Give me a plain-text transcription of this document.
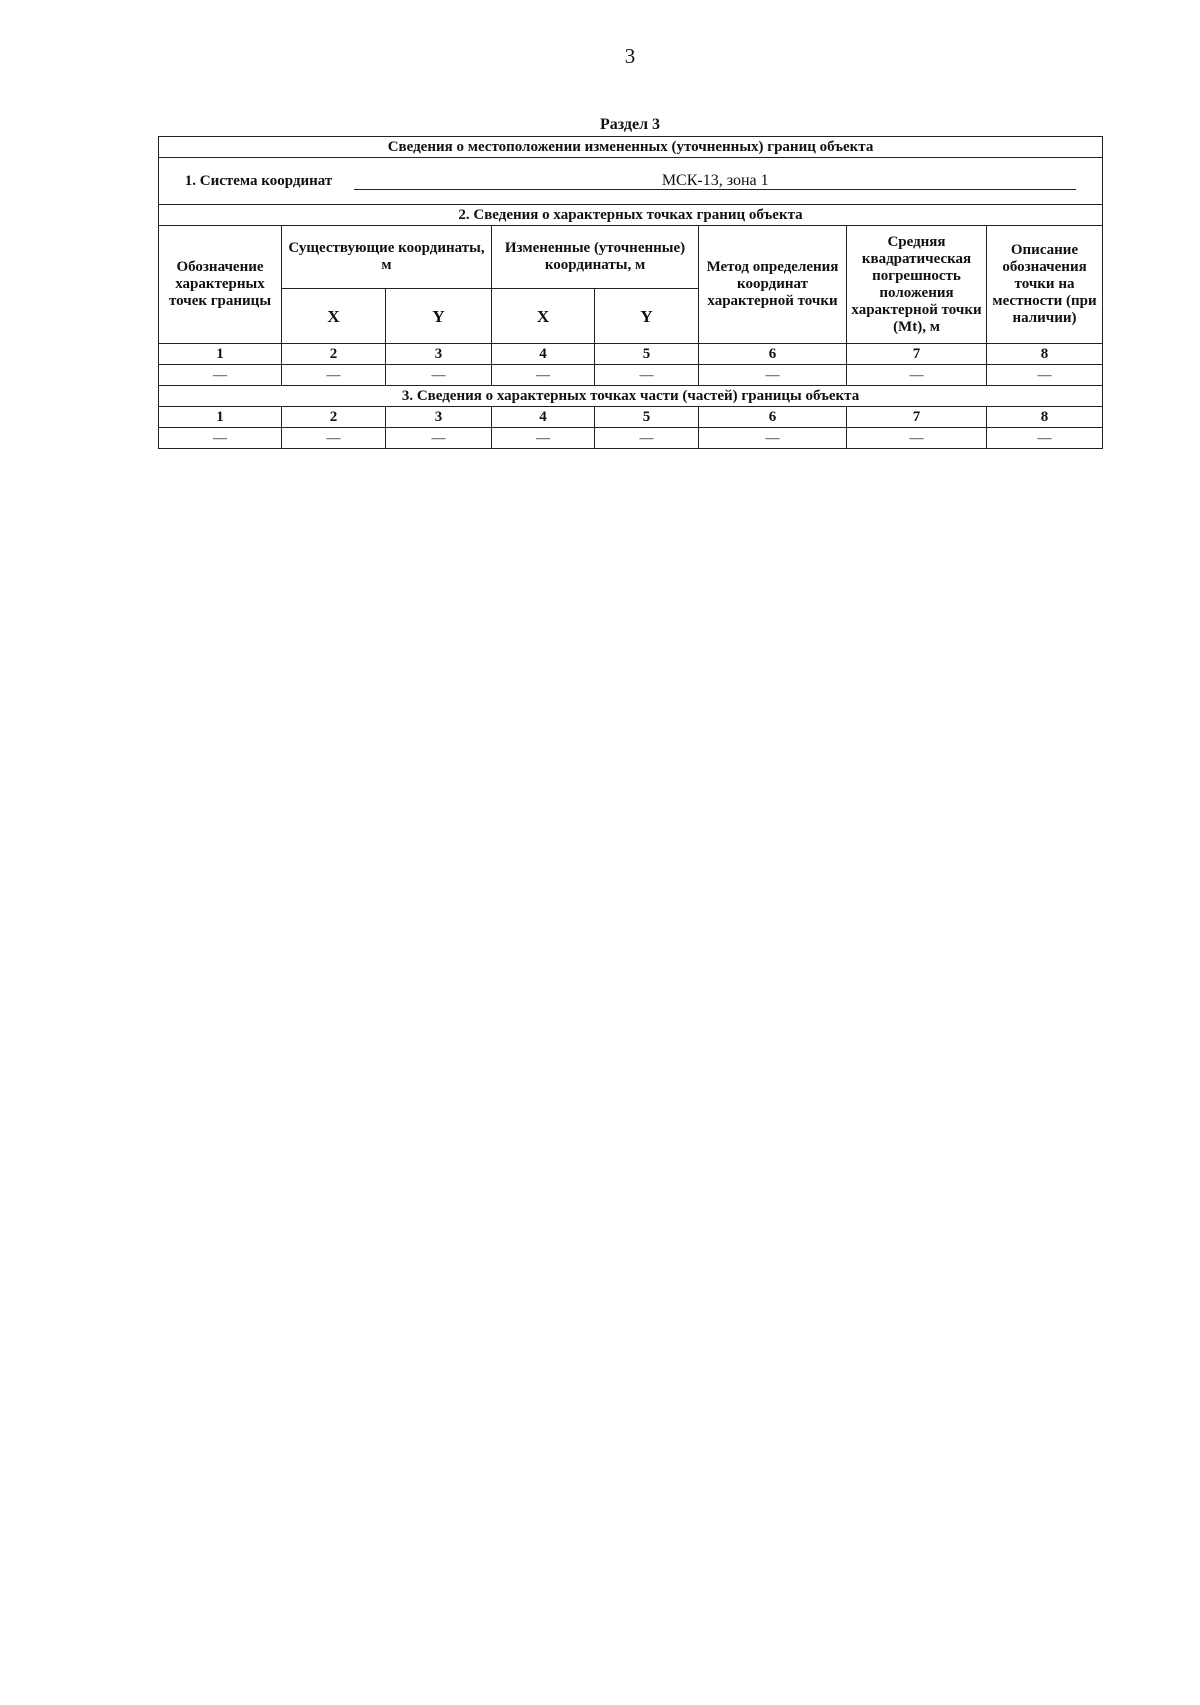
3
Раздел 3
Сведения о местоположении измененных (уточненных) границ объекта							
1. Система координат МСК-13, зона 1							
2. Сведения о характерных точках границ объекта							
Обозначение характерных точек границы	Существующие координаты, м		Измененные (уточненные) координаты, м		Метод определения координат характерной точки	Средняя квадратическая погрешность положения характерной точки (Mt), м	Описание обозначения точки на местности (при наличии)
	X	Y	X	Y			
1	2	3	4	5	6	7	8
—	—	—	—	—	—	—	—
3. Сведения о характерных точках части (частей) границы объекта							
1	2	3	4	5	6	7	8
—	—	—	—	—	—	—	—
